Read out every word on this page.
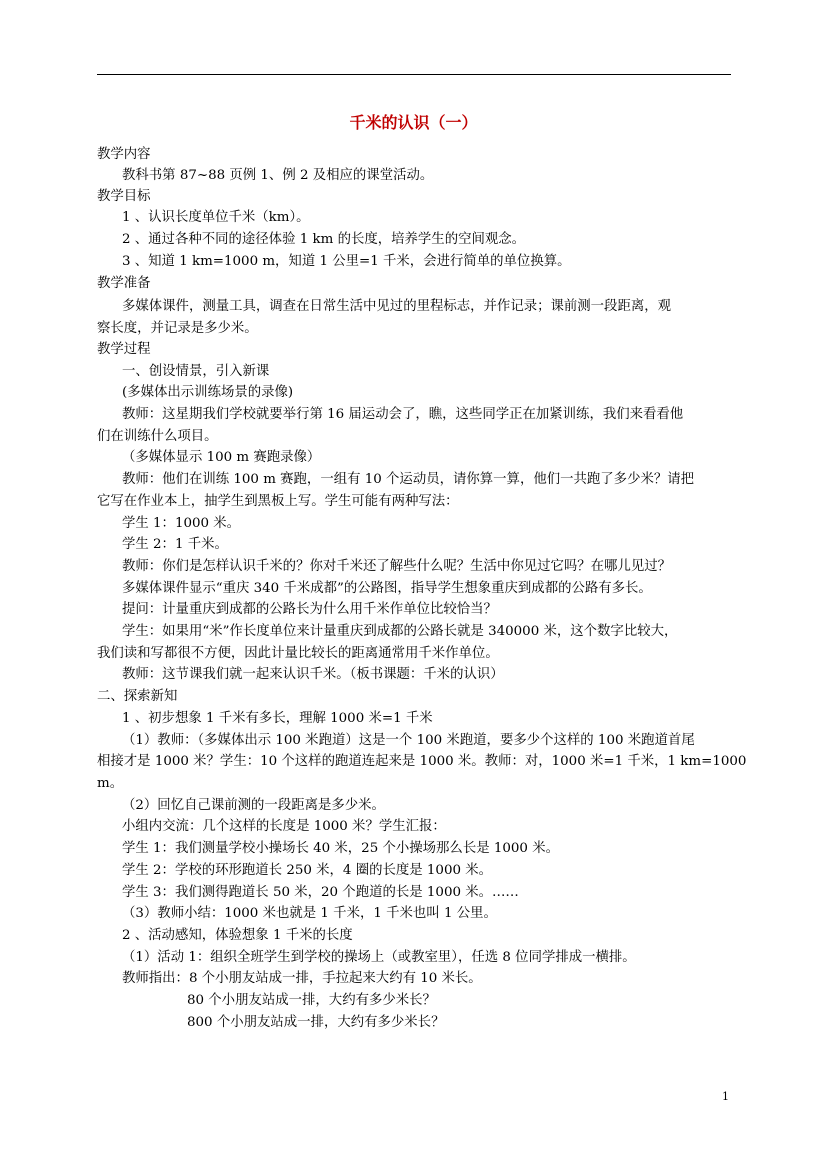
千米的认识（一）
教学内容
教科书第 87~88 页例 1、例 2 及相应的课堂活动。
教学目标
1 、认识长度单位千米（km）。
2 、通过各种不同的途径体验 1 km 的长度，培养学生的空间观念。
3 、知道 1 km=1000 m，知道 1 公里=1 千米，会进行简单的单位换算。
教学准备
多媒体课件，测量工具，调查在日常生活中见过的里程标志，并作记录；课前测一段距离，观
察长度，并记录是多少米。
教学过程
一、创设情景，引入新课
(多媒体出示训练场景的录像)
教师：这星期我们学校就要举行第 16 届运动会了，瞧，这些同学正在加紧训练，我们来看看他
们在训练什么项目。
（多媒体显示 100 m 赛跑录像）
教师：他们在训练 100 m 赛跑，一组有 10 个运动员，请你算一算，他们一共跑了多少米？请把
它写在作业本上，抽学生到黑板上写。学生可能有两种写法：
学生 1：1000 米。
学生 2：1 千米。
教师：你们是怎样认识千米的？你对千米还了解些什么呢？生活中你见过它吗？在哪儿见过？
多媒体课件显示“重庆 340 千米成都”的公路图，指导学生想象重庆到成都的公路有多长。
提问：计量重庆到成都的公路长为什么用千米作单位比较恰当？
学生：如果用“米”作长度单位来计量重庆到成都的公路长就是 340000 米，这个数字比较大，
我们读和写都很不方便，因此计量比较长的距离通常用千米作单位。
教师：这节课我们就一起来认识千米。（板书课题：千米的认识）
二、探索新知
1 、初步想象 1 千米有多长，理解 1000 米=1 千米
（1）教师：（多媒体出示 100 米跑道）这是一个 100 米跑道，要多少个这样的 100 米跑道首尾
相接才是 1000 米？学生：10 个这样的跑道连起来是 1000 米。教师：对，1000 米=1 千米，1 km=1000
m。
（2）回忆自己课前测的一段距离是多少米。
小组内交流：几个这样的长度是 1000 米？学生汇报：
学生 1：我们测量学校小操场长 40 米，25 个小操场那么长是 1000 米。
学生 2：学校的环形跑道长 250 米，4 圈的长度是 1000 米。
学生 3：我们测得跑道长 50 米，20 个跑道的长是 1000 米。……
（3）教师小结：1000 米也就是 1 千米，1 千米也叫 1 公里。
2 、活动感知，体验想象 1 千米的长度
（1）活动 1：组织全班学生到学校的操场上（或教室里），任选 8 位同学排成一横排。
教师指出：8 个小朋友站成一排，手拉起来大约有 10 米长。
80 个小朋友站成一排，大约有多少米长？
800 个小朋友站成一排，大约有多少米长？
1
